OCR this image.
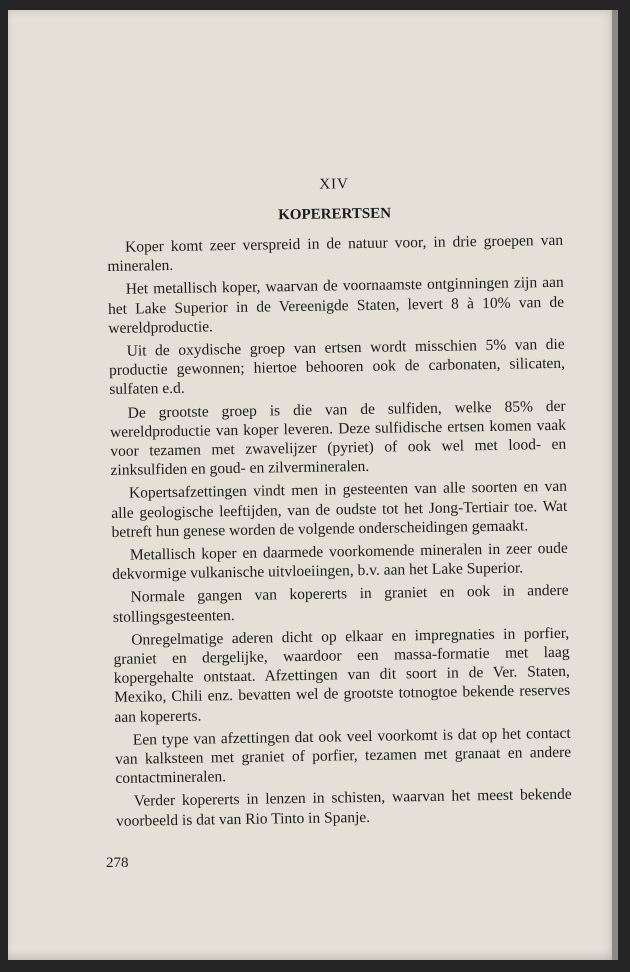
XIV
KOPERERTSEN

Koper komt zeer verspreid in de natuur voor, in drie groepen van mineralen.

Het metallisch koper, waarvan de voornaamste ontginningen zijn aan het Lake Superior in de Vereenigde Staten, levert 8 à 10% van de wereldproductie.

Uit de oxydische groep van ertsen wordt misschien 5% van die productie gewonnen; hiertoe behooren ook de carbonaten, silicaten, sulfaten e.d.

De grootste groep is die van de sulfiden, welke 85% der wereldproductie van koper leveren. Deze sulfidische ertsen komen vaak voor tezamen met zwavelijzer (pyriet) of ook wel met lood- en zinksulfiden en goud- en zilvermineralen.

Kopertsafzettingen vindt men in gesteenten van alle soorten en van alle geologische leeftijden, van de oudste tot het Jong-Tertiair toe. Wat betreft hun genese worden de volgende onderscheidingen gemaakt.

Metallisch koper en daarmede voorkomende mineralen in zeer oude dekvormige vulkanische uitvloeiingen, b.v. aan het Lake Superior.

Normale gangen van kopererts in graniet en ook in andere stollingsgesteenten.

Onregelmatige aderen dicht op elkaar en impregnaties in porfier, graniet en dergelijke, waardoor een massa-formatie met laag kopergehalte ontstaat. Afzettingen van dit soort in de Ver. Staten, Mexiko, Chili enz. bevatten wel de grootste totnogtoe bekende reserves aan kopererts.

Een type van afzettingen dat ook veel voorkomt is dat op het contact van kalksteen met graniet of porfier, tezamen met granaat en andere contactmineralen.

Verder kopererts in lenzen in schisten, waarvan het meest bekende voorbeeld is dat van Rio Tinto in Spanje.

278
